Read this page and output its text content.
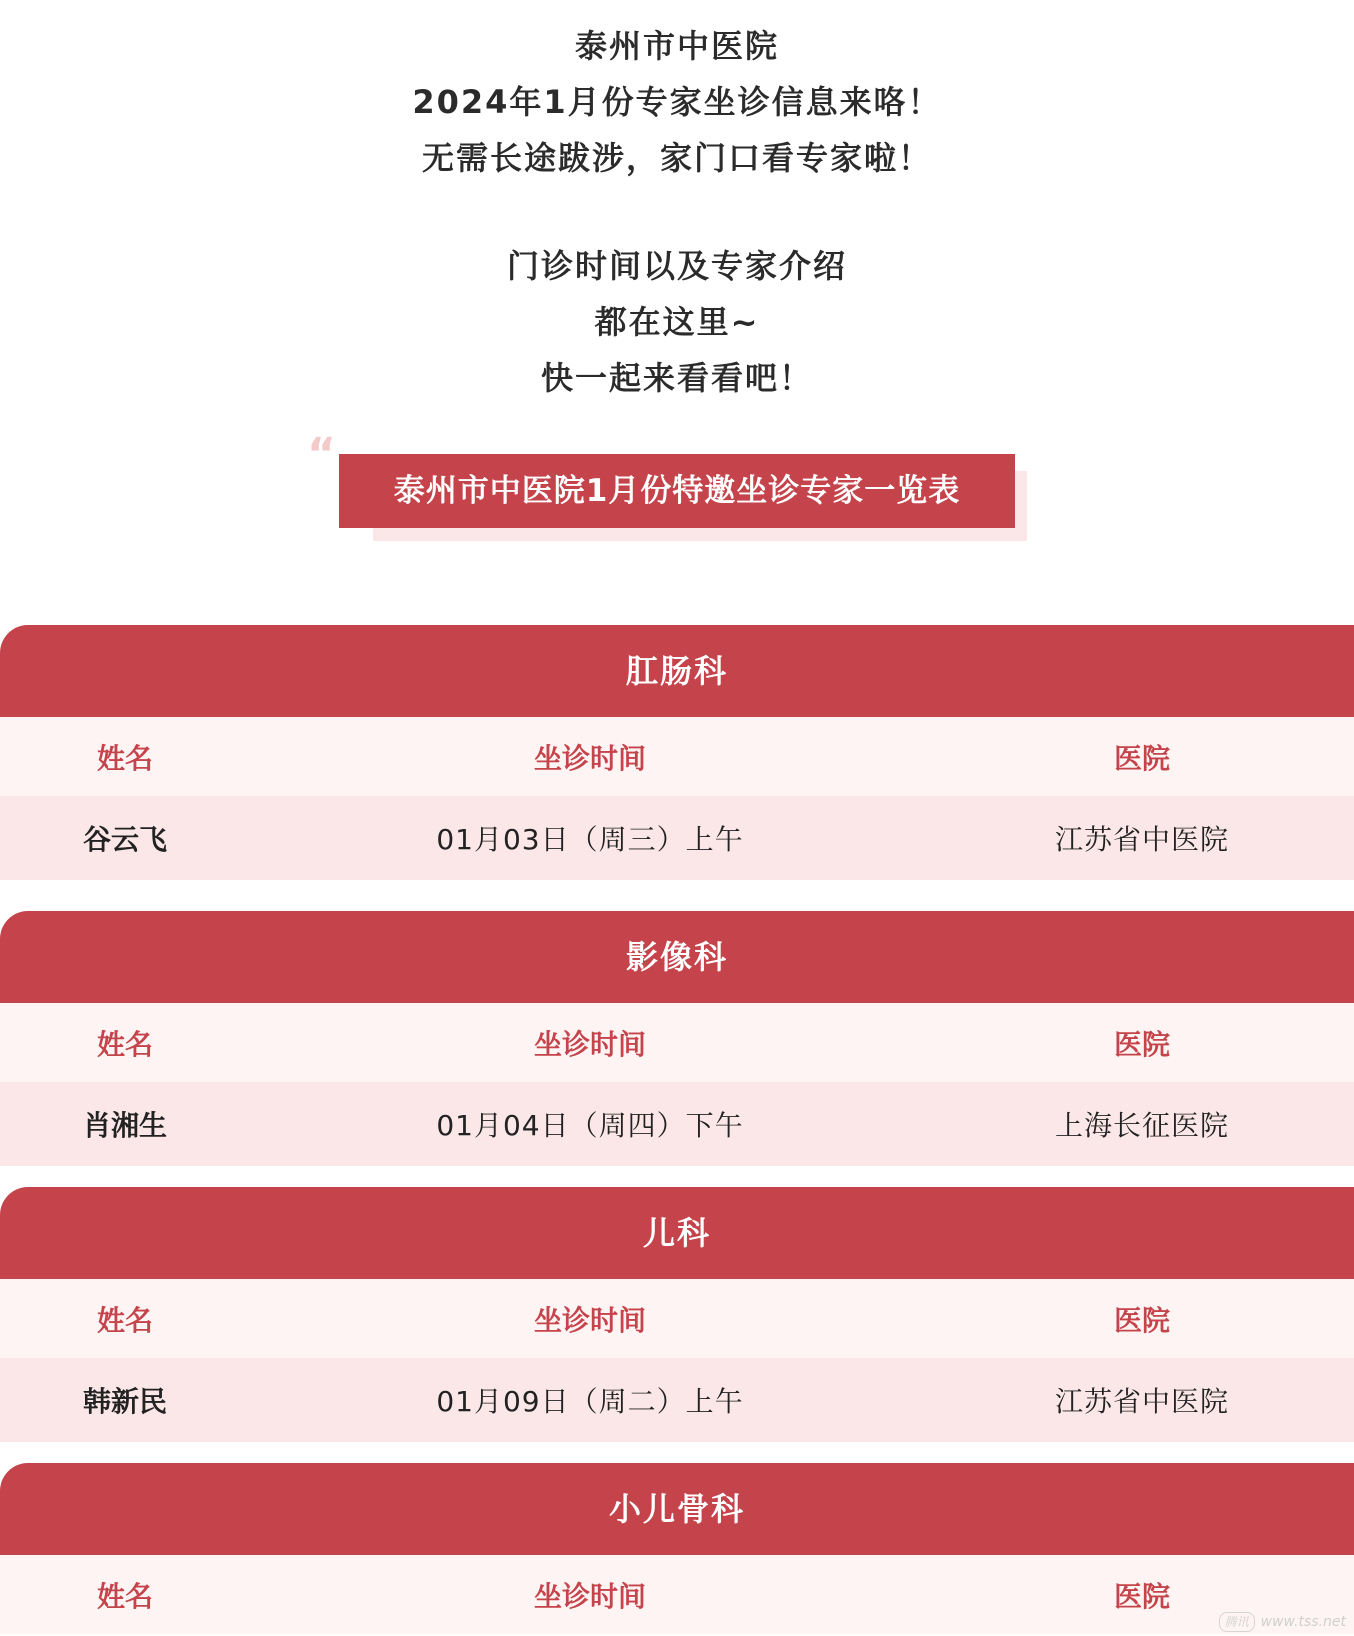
泰州市中医院
2024年1月份专家坐诊信息来咯！
无需长途跋涉，家门口看专家啦！
门诊时间以及专家介绍
都在这里~
快一起来看看吧！
“
泰州市中医院1月份特邀坐诊专家一览表
肛肠科
姓名	坐诊时间	医院
谷云飞	01月03日（周三）上午	江苏省中医院
影像科
姓名	坐诊时间	医院
肖湘生	01月04日（周四）下午	上海长征医院
儿科
姓名	坐诊时间	医院
韩新民	01月09日（周二）上午	江苏省中医院
小儿骨科
姓名	坐诊时间	医院
腾讯 www.tss.net
